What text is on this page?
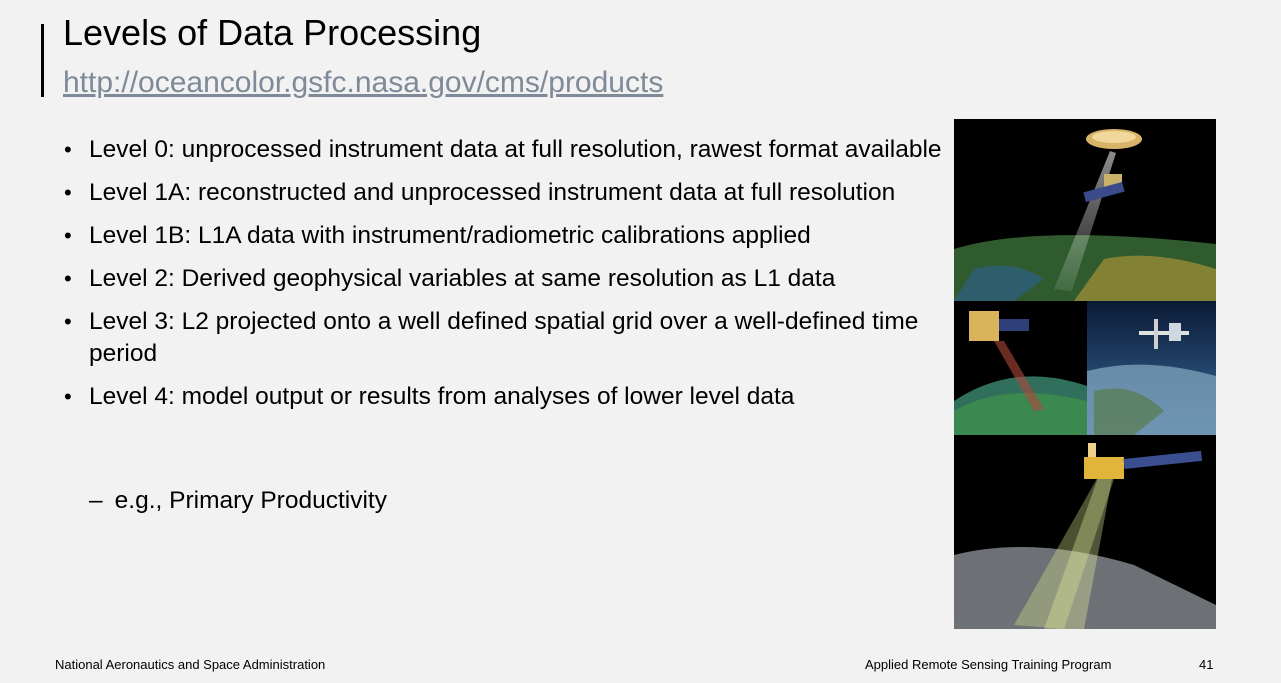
Levels of Data Processing
http://oceancolor.gsfc.nasa.gov/cms/products
• Level 0: unprocessed instrument data at full resolution, rawest format available
• Level 1A: reconstructed and unprocessed instrument data at full resolution
• Level 1B: L1A data with instrument/radiometric calibrations applied
• Level 2: Derived geophysical variables at same resolution as L1 data
• Level 3: L2 projected onto a well defined spatial grid over a well-defined time period
• Level 4: model output or results from analyses of lower level data
– e.g., Primary Productivity
National Aeronautics and Space Administration	Applied Remote Sensing Training Program	41
